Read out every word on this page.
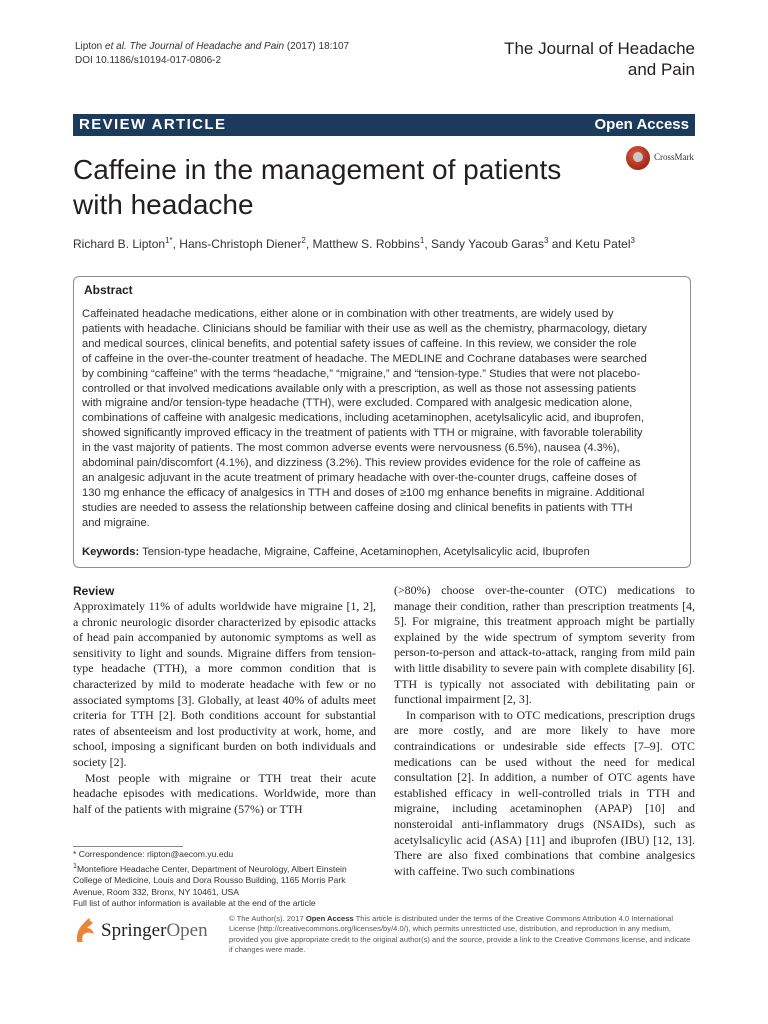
Lipton et al. The Journal of Headache and Pain (2017) 18:107
DOI 10.1186/s10194-017-0806-2
The Journal of Headache
and Pain
REVIEW ARTICLE	Open Access
Caffeine in the management of patients
with headache
CrossMark
Richard B. Lipton$^{1*}$, Hans-Christoph Diener$^2$, Matthew S. Robbins$^1$, Sandy Yacoub Garas$^3$ and Ketu Patel$^3$
Abstract
Caffeinated headache medications, either alone or in combination with other treatments, are widely used by
patients with headache. Clinicians should be familiar with their use as well as the chemistry, pharmacology, dietary
and medical sources, clinical benefits, and potential safety issues of caffeine. In this review, we consider the role
of caffeine in the over-the-counter treatment of headache. The MEDLINE and Cochrane databases were searched
by combining “caffeine” with the terms “headache,” “migraine,” and “tension-type.” Studies that were not placebo-
controlled or that involved medications available only with a prescription, as well as those not assessing patients
with migraine and/or tension-type headache (TTH), were excluded. Compared with analgesic medication alone,
combinations of caffeine with analgesic medications, including acetaminophen, acetylsalicylic acid, and ibuprofen,
showed significantly improved efficacy in the treatment of patients with TTH or migraine, with favorable tolerability
in the vast majority of patients. The most common adverse events were nervousness (6.5%), nausea (4.3%),
abdominal pain/discomfort (4.1%), and dizziness (3.2%). This review provides evidence for the role of caffeine as
an analgesic adjuvant in the acute treatment of primary headache with over-the-counter drugs, caffeine doses of
130 mg enhance the efficacy of analgesics in TTH and doses of ≥100 mg enhance benefits in migraine. Additional
studies are needed to assess the relationship between caffeine dosing and clinical benefits in patients with TTH
and migraine.
Keywords: Tension-type headache, Migraine, Caffeine, Acetaminophen, Acetylsalicylic acid, Ibuprofen
Review

Approximately 11% of adults worldwide have migraine [1, 2], a chronic neurologic disorder characterized by episodic attacks of head pain accompanied by autonomic symptoms as well as sensitivity to light and sounds. Migraine differs from tension-type headache (TTH), a more common condition that is characterized by mild to moderate headache with few or no associated symptoms [3]. Globally, at least 40% of adults meet criteria for TTH [2]. Both conditions account for substantial rates of absenteeism and lost productivity at work, home, and school, imposing a significant burden on both individuals and society [2].

Most people with migraine or TTH treat their acute headache episodes with medications. Worldwide, more than half of the patients with migraine (57%) or TTH

(>80%) choose over-the-counter (OTC) medications to manage their condition, rather than prescription treatments [4, 5]. For migraine, this treatment approach might be partially explained by the wide spectrum of symptom severity from person-to-person and attack-to-attack, ranging from mild pain with little disability to severe pain with complete disability [6]. TTH is typically not associated with debilitating pain or functional impairment [2, 3].

In comparison with to OTC medications, prescription drugs are more costly, and are more likely to have more contraindications or undesirable side effects [7–9]. OTC medications can be used without the need for medical consultation [2]. In addition, a number of OTC agents have established efficacy in well-controlled trials in TTH and migraine, including acetaminophen (APAP) [10] and nonsteroidal anti-inflammatory drugs (NSAIDs), such as acetylsalicylic acid (ASA) [11] and ibuprofen (IBU) [12, 13]. There are also fixed combinations that combine analgesics with caffeine. Two such combinations

* Correspondence: rlipton@aecom.yu.edu
$^1$Montefiore Headache Center, Department of Neurology, Albert Einstein College of Medicine, Louis and Dora Rousso Building, 1165 Morris Park Avenue, Room 332, Bronx, NY 10461, USA
Full list of author information is available at the end of the article
SpringerOpen
© The Author(s). 2017 Open Access This article is distributed under the terms of the Creative Commons Attribution 4.0 International License (http://creativecommons.org/licenses/by/4.0/), which permits unrestricted use, distribution, and reproduction in any medium, provided you give appropriate credit to the original author(s) and the source, provide a link to the Creative Commons license, and indicate if changes were made.
